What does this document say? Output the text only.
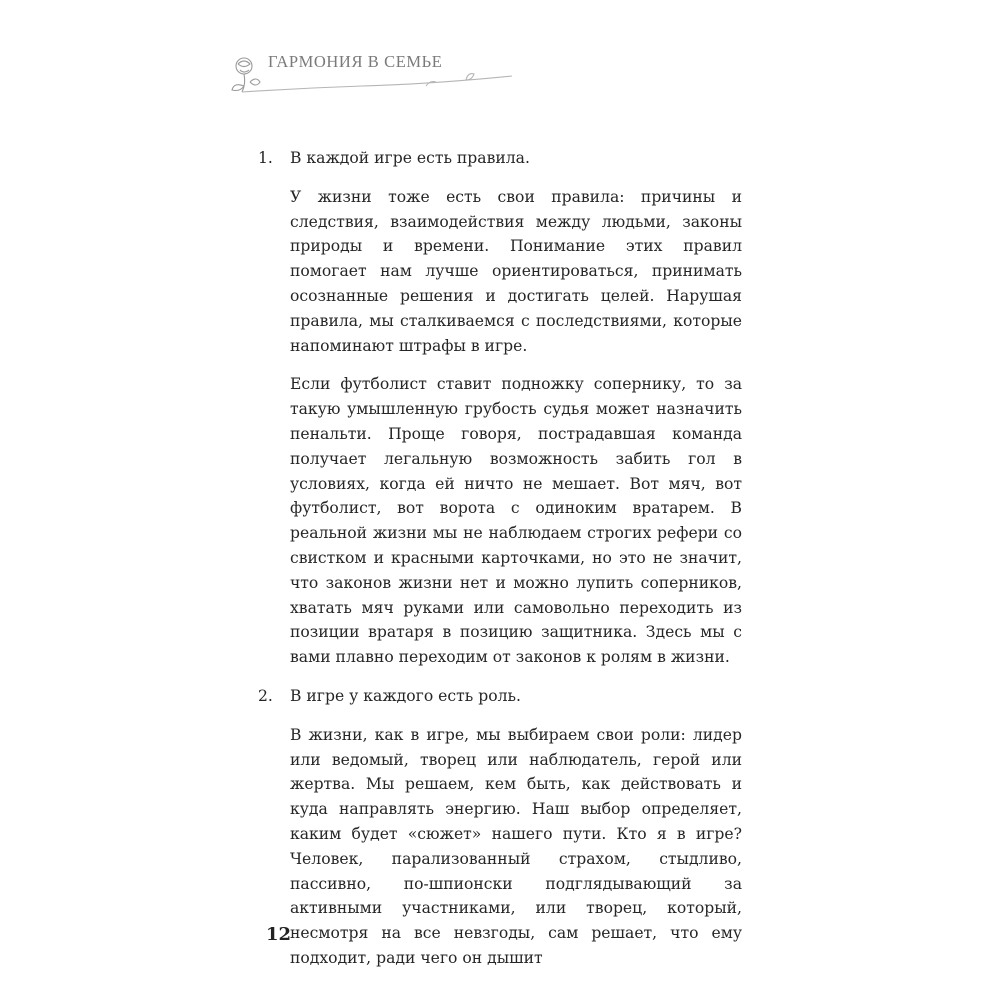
ГАРМОНИЯ В СЕМЬЕ
1.	В каждой игре есть правила.

У жизни тоже есть свои правила: причины и следствия, взаимодействия между людьми, законы природы и времени. Понимание этих правил помогает нам лучше ориентироваться, принимать осознанные решения и достигать целей. Нарушая правила, мы сталкиваемся с последствиями, которые напоминают штрафы в игре.

Если футболист ставит подножку сопернику, то за такую умышленную грубость судья может назначить пенальти. Проще говоря, пострадавшая команда получает легальную возможность забить гол в условиях, когда ей ничто не мешает. Вот мяч, вот футболист, вот ворота с одиноким вратарем. В реальной жизни мы не наблюдаем строгих рефери со свистком и красными карточками, но это не значит, что законов жизни нет и можно лупить соперников, хватать мяч руками или самовольно переходить из позиции вратаря в позицию защитника. Здесь мы с вами плавно переходим от законов к ролям в жизни.

2.	В игре у каждого есть роль.

В жизни, как в игре, мы выбираем свои роли: лидер или ведомый, творец или наблюдатель, герой или жертва. Мы решаем, кем быть, как действовать и куда направлять энергию. Наш выбор определяет, каким будет «сюжет» нашего пути. Кто я в игре? Человек, парализованный страхом, стыдливо, пассивно, по-шпионски подглядывающий за активными участниками, или творец, который, несмотря на все невзгоды, сам решает, что ему подходит, ради чего он дышит

12
